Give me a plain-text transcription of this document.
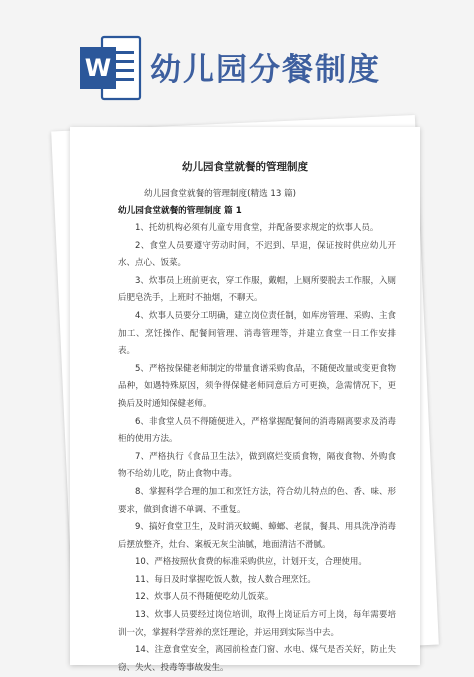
W 幼儿园分餐制度
幼儿园食堂就餐的管理制度
幼儿园食堂就餐的管理制度(精选 13 篇)
幼儿园食堂就餐的管理制度 篇 1
1、托幼机构必须有儿童专用食堂，并配备要求规定的炊事人员。
2、食堂人员要遵守劳动时间，不迟到、早退，保证按时供应幼儿开水、点心、饭菜。
3、炊事员上班前更衣，穿工作服，戴帽，上厕所要脱去工作服，入厕后肥皂洗手，上班时不抽烟，不聊天。
4、炊事人员要分工明确，建立岗位责任制，如库房管理、采购、主食加工、烹饪操作、配餐间管理、消毒管理等，并建立食堂一日工作安排表。
5、严格按保健老师制定的带量食谱采购食品，不随便改量或变更食物品种，如遇特殊原因，须争得保健老师同意后方可更换，急需情况下，更换后及时通知保健老师。
6、非食堂人员不得随便进入，严格掌握配餐间的消毒隔离要求及消毒柜的使用方法。
7、严格执行《食品卫生法》，做到腐烂变质食物，隔夜食物、外购食物不给幼儿吃，防止食物中毒。
8、掌握科学合理的加工和烹饪方法，符合幼儿特点的色、香、味、形要求，做到食谱不单调、不重复。
9、搞好食堂卫生，及时消灭蚊蝇、蟑螂、老鼠，餐具、用具洗净消毒后摆放整齐，灶台、案板无灰尘油腻，地面清洁不滑腻。
10、严格按照伙食费的标准采购供应，计划开支，合理使用。
11、每日及时掌握吃饭人数，按人数合理烹饪。
12、炊事人员不得随便吃幼儿饭菜。
13、炊事人员要经过岗位培训，取得上岗证后方可上岗，每年需要培训一次，掌握科学营养的烹饪理论，并运用到实际当中去。
14、注意食堂安全，离园前检查门窗、水电、煤气是否关好，防止失窃、失火、投毒等事故发生。
